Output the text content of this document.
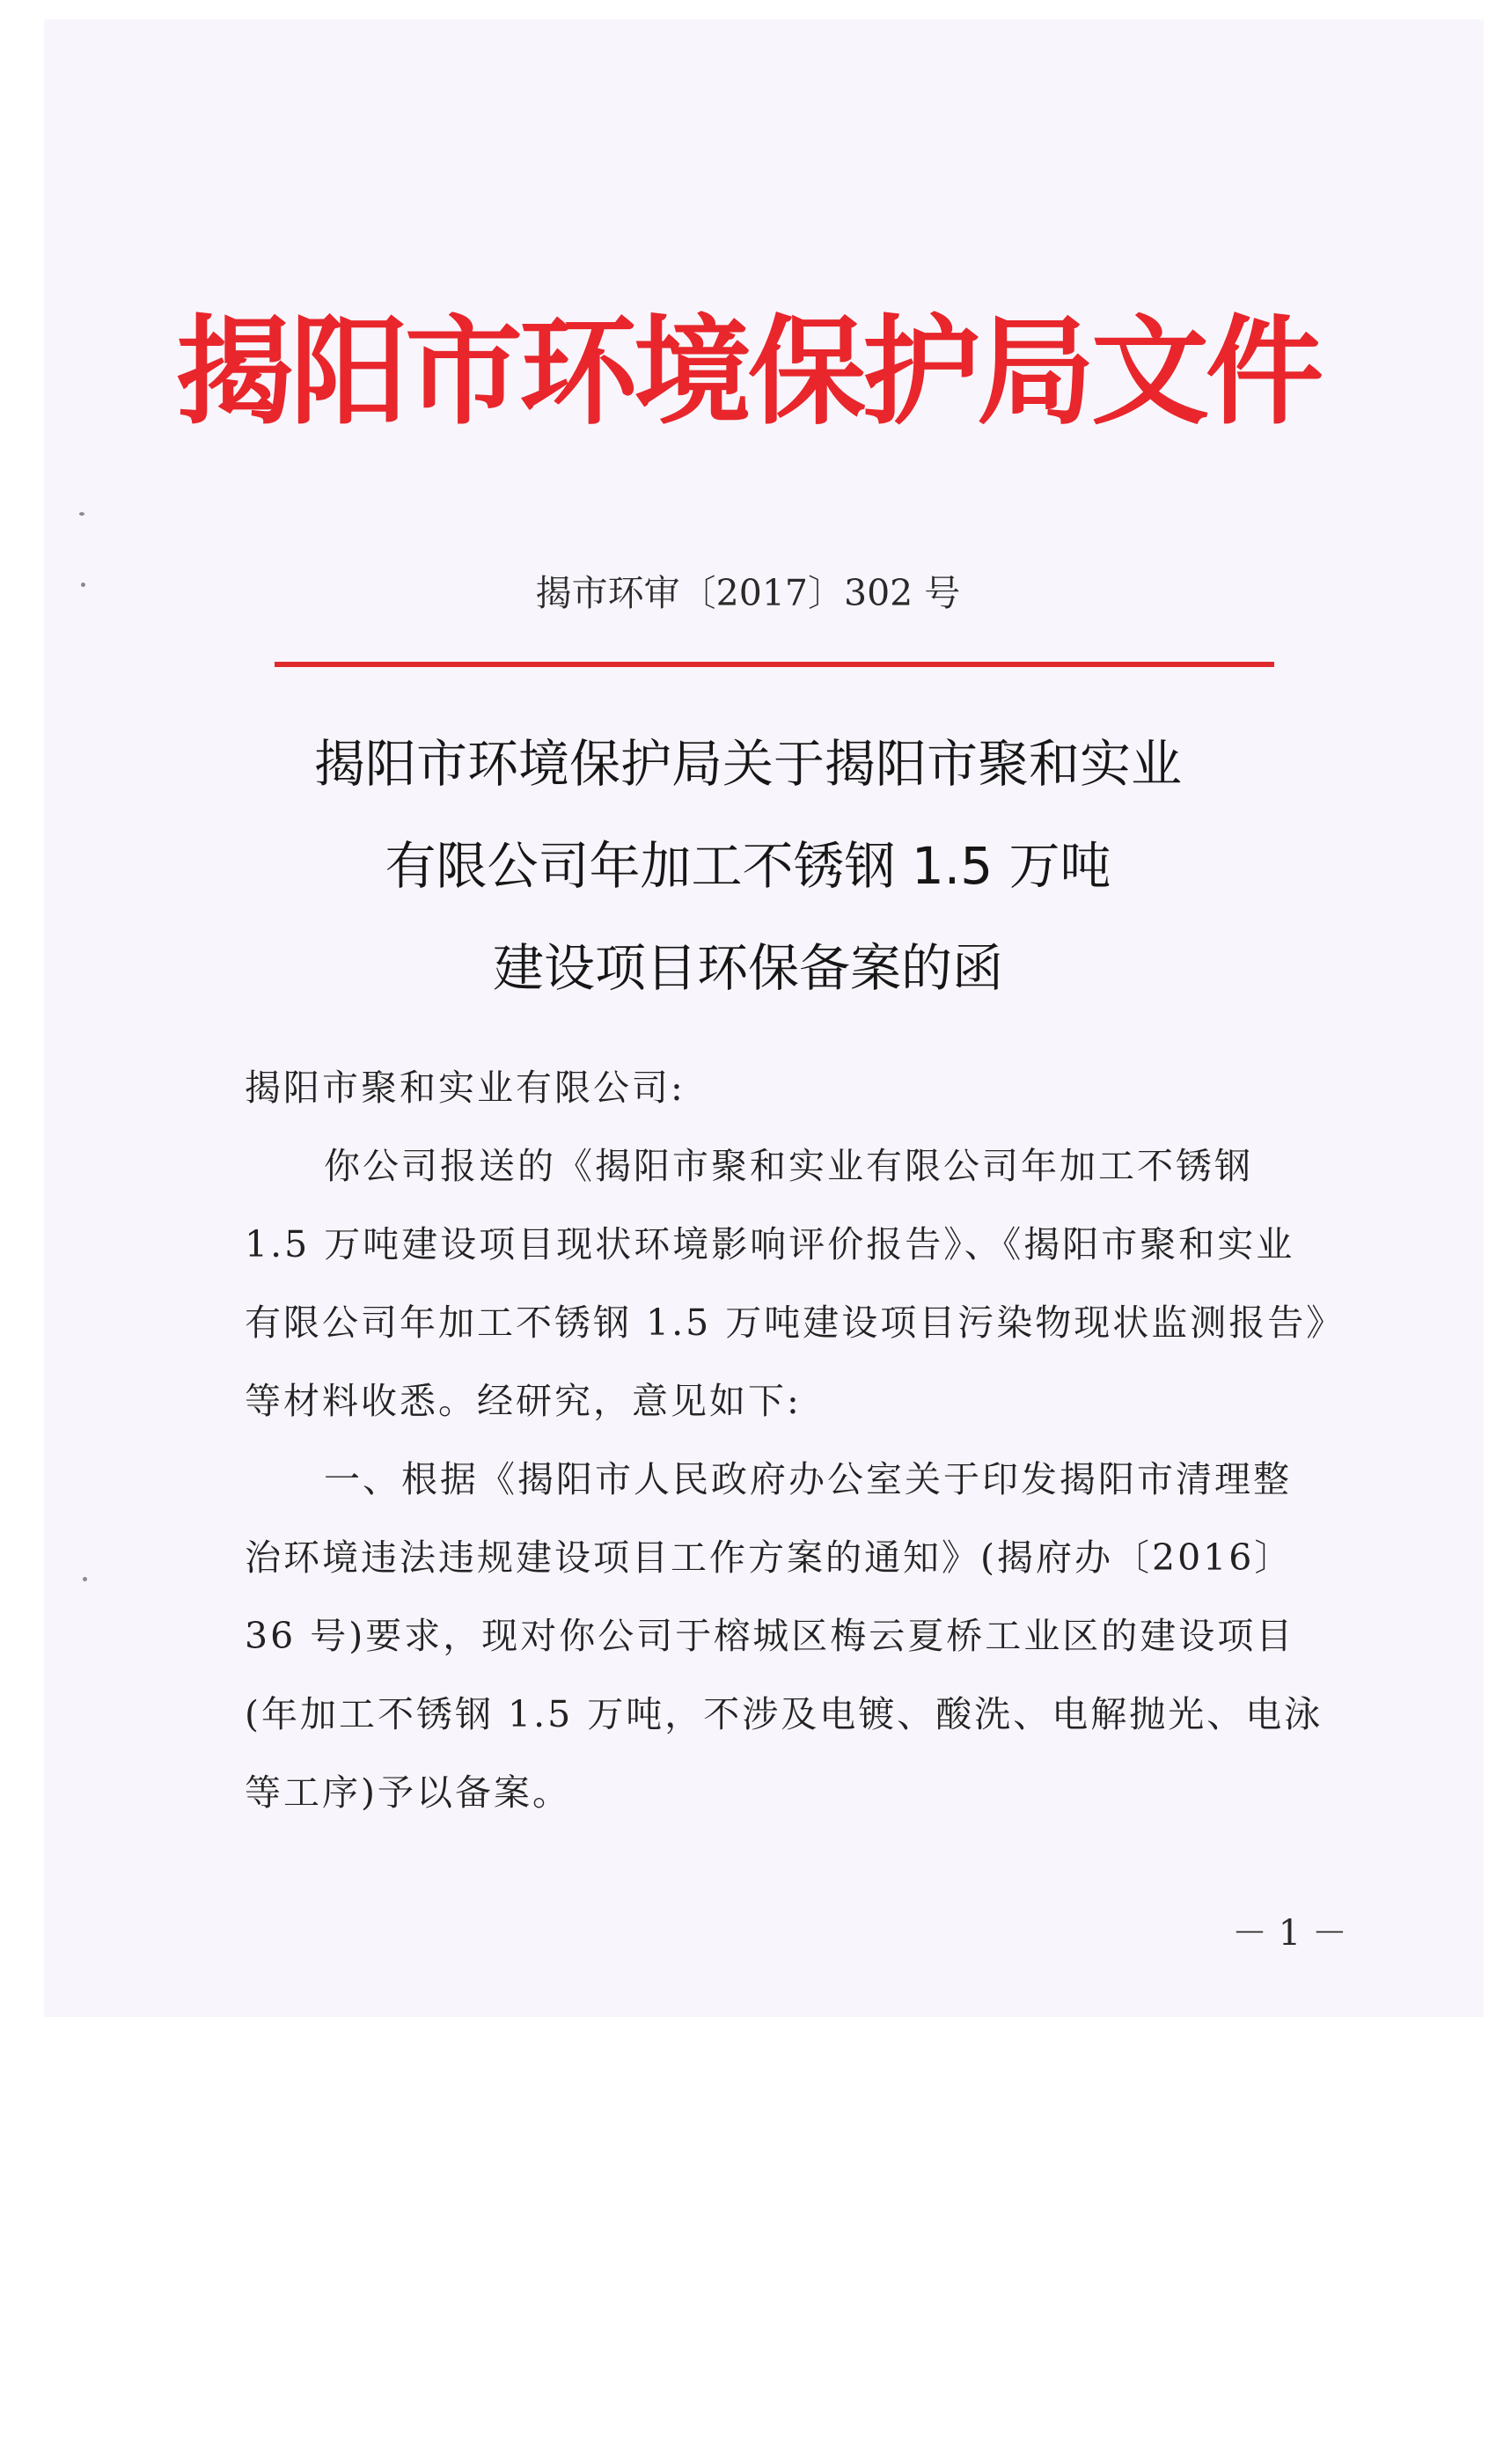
揭阳市环境保护局文件
揭市环审〔2017〕302 号
揭阳市环境保护局关于揭阳市聚和实业
有限公司年加工不锈钢 1.5 万吨
建设项目环保备案的函

揭阳市聚和实业有限公司:

你公司报送的《揭阳市聚和实业有限公司年加工不锈钢 1.5 万吨建设项目现状环境影响评价报告》、《揭阳市聚和实业有限公司年加工不锈钢 1.5 万吨建设项目污染物现状监测报告》等材料收悉。经研究，意见如下:

一、根据《揭阳市人民政府办公室关于印发揭阳市清理整治环境违法违规建设项目工作方案的通知》(揭府办〔2016〕36 号)要求，现对你公司于榕城区梅云夏桥工业区的建设项目(年加工不锈钢 1.5 万吨，不涉及电镀、酸洗、电解抛光、电泳等工序)予以备案。

－ 1 －
